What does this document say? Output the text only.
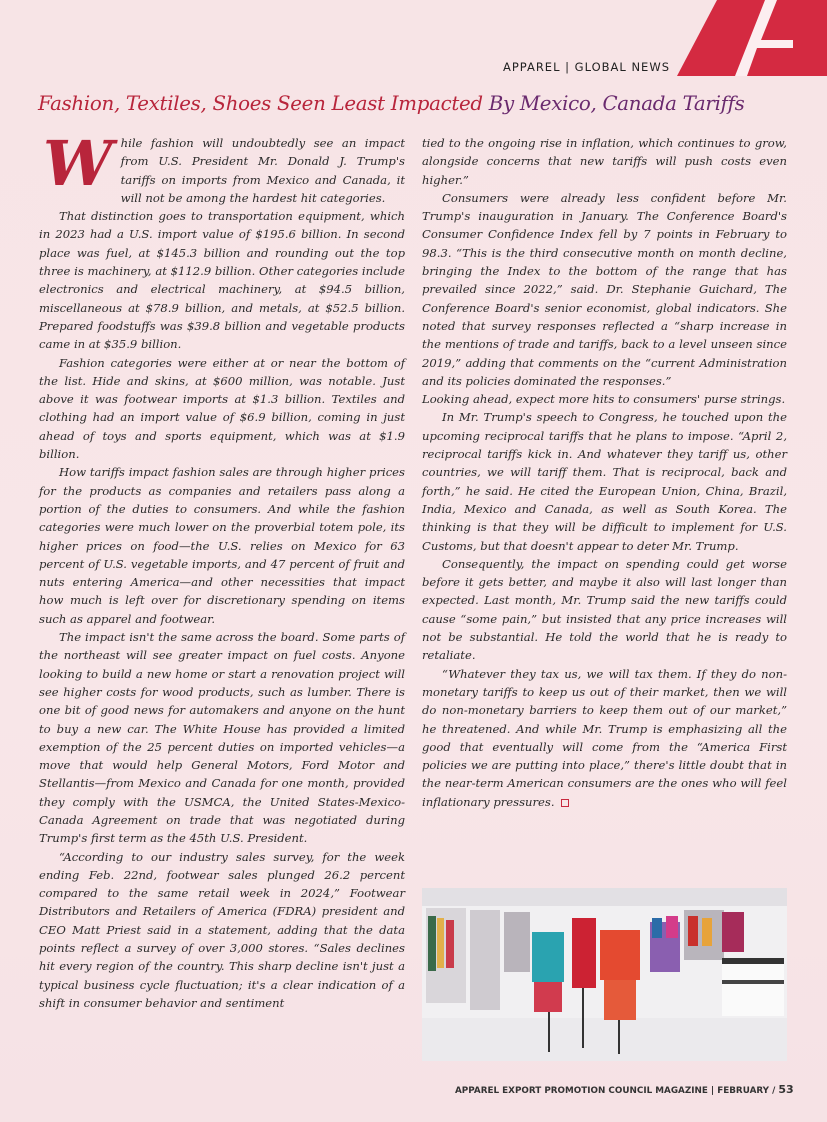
APPAREL | GLOBAL NEWS
Fashion, Textiles, Shoes Seen Least Impacted By Mexico, Canada Tariffs

While fashion will undoubtedly see an impact from U.S. President Mr. Donald J. Trump's tariffs on imports from Mexico and Canada, it will not be among the hardest hit categories.

That distinction goes to transportation equipment, which in 2023 had a U.S. import value of $195.6 billion. In second place was fuel, at $145.3 billion and rounding out the top three is machinery, at $112.9 billion. Other categories include electronics and electrical machinery, at $94.5 billion, miscellaneous at $78.9 billion, and metals, at $52.5 billion. Prepared foodstuffs was $39.8 billion and vegetable products came in at $35.9 billion.

Fashion categories were either at or near the bottom of the list. Hide and skins, at $600 million, was notable. Just above it was footwear imports at $1.3 billion. Textiles and clothing had an import value of $6.9 billion, coming in just ahead of toys and sports equipment, which was at $1.9 billion.

How tariffs impact fashion sales are through higher prices for the products as companies and retailers pass along a portion of the duties to consumers. And while the fashion categories were much lower on the proverbial totem pole, its higher prices on food—the U.S. relies on Mexico for 63 percent of U.S. vegetable imports, and 47 percent of fruit and nuts entering America—and other necessities that impact how much is left over for discretionary spending on items such as apparel and footwear.

The impact isn't the same across the board. Some parts of the northeast will see greater impact on fuel costs. Anyone looking to build a new home or start a renovation project will see higher costs for wood products, such as lumber. There is one bit of good news for automakers and anyone on the hunt to buy a new car. The White House has provided a limited exemption of the 25 percent duties on imported vehicles—a move that would help General Motors, Ford Motor and Stellantis—from Mexico and Canada for one month, provided they comply with the USMCA, the United States-Mexico-Canada Agreement on trade that was negotiated during Trump's first term as the 45th U.S. President.

“According to our industry sales survey, for the week ending Feb. 22nd, footwear sales plunged 26.2 percent compared to the same retail week in 2024,” Footwear Distributors and Retailers of America (FDRA) president and CEO Matt Priest said in a statement, adding that the data points reflect a survey of over 3,000 stores. “Sales declines hit every region of the country. This sharp decline isn't just a typical business cycle fluctuation; it's a clear indication of a shift in consumer behavior and sentiment

tied to the ongoing rise in inflation, which continues to grow, alongside concerns that new tariffs will push costs even higher.”

Consumers were already less confident before Mr. Trump's inauguration in January. The Conference Board's Consumer Confidence Index fell by 7 points in February to 98.3. “This is the third consecutive month on month decline, bringing the Index to the bottom of the range that has prevailed since 2022,” said. Dr. Stephanie Guichard, The Conference Board's senior economist, global indicators. She noted that survey responses reflected a “sharp increase in the mentions of trade and tariffs, back to a level unseen since 2019,” adding that comments on the “current Administration and its policies dominated the responses.”

Looking ahead, expect more hits to consumers' purse strings.

In Mr. Trump's speech to Congress, he touched upon the upcoming reciprocal tariffs that he plans to impose. “April 2, reciprocal tariffs kick in. And whatever they tariff us, other countries, we will tariff them. That is reciprocal, back and forth,” he said. He cited the European Union, China, Brazil, India, Mexico and Canada, as well as South Korea. The thinking is that they will be difficult to implement for U.S. Customs, but that doesn't appear to deter Mr. Trump.

Consequently, the impact on spending could get worse before it gets better, and maybe it also will last longer than expected. Last month, Mr. Trump said the new tariffs could cause “some pain,” but insisted that any price increases will not be substantial. He told the world that he is ready to retaliate.

“Whatever they tax us, we will tax them. If they do non-monetary tariffs to keep us out of their market, then we will do non-monetary barriers to keep them out of our market,” he threatened. And while Mr. Trump is emphasizing all the good that eventually will come from the “America First policies we are putting into place,” there's little doubt that in the near-term American consumers are the ones who will feel inflationary pressures.

APPAREL EXPORT PROMOTION COUNCIL MAGAZINE | FEBRUARY / 53
